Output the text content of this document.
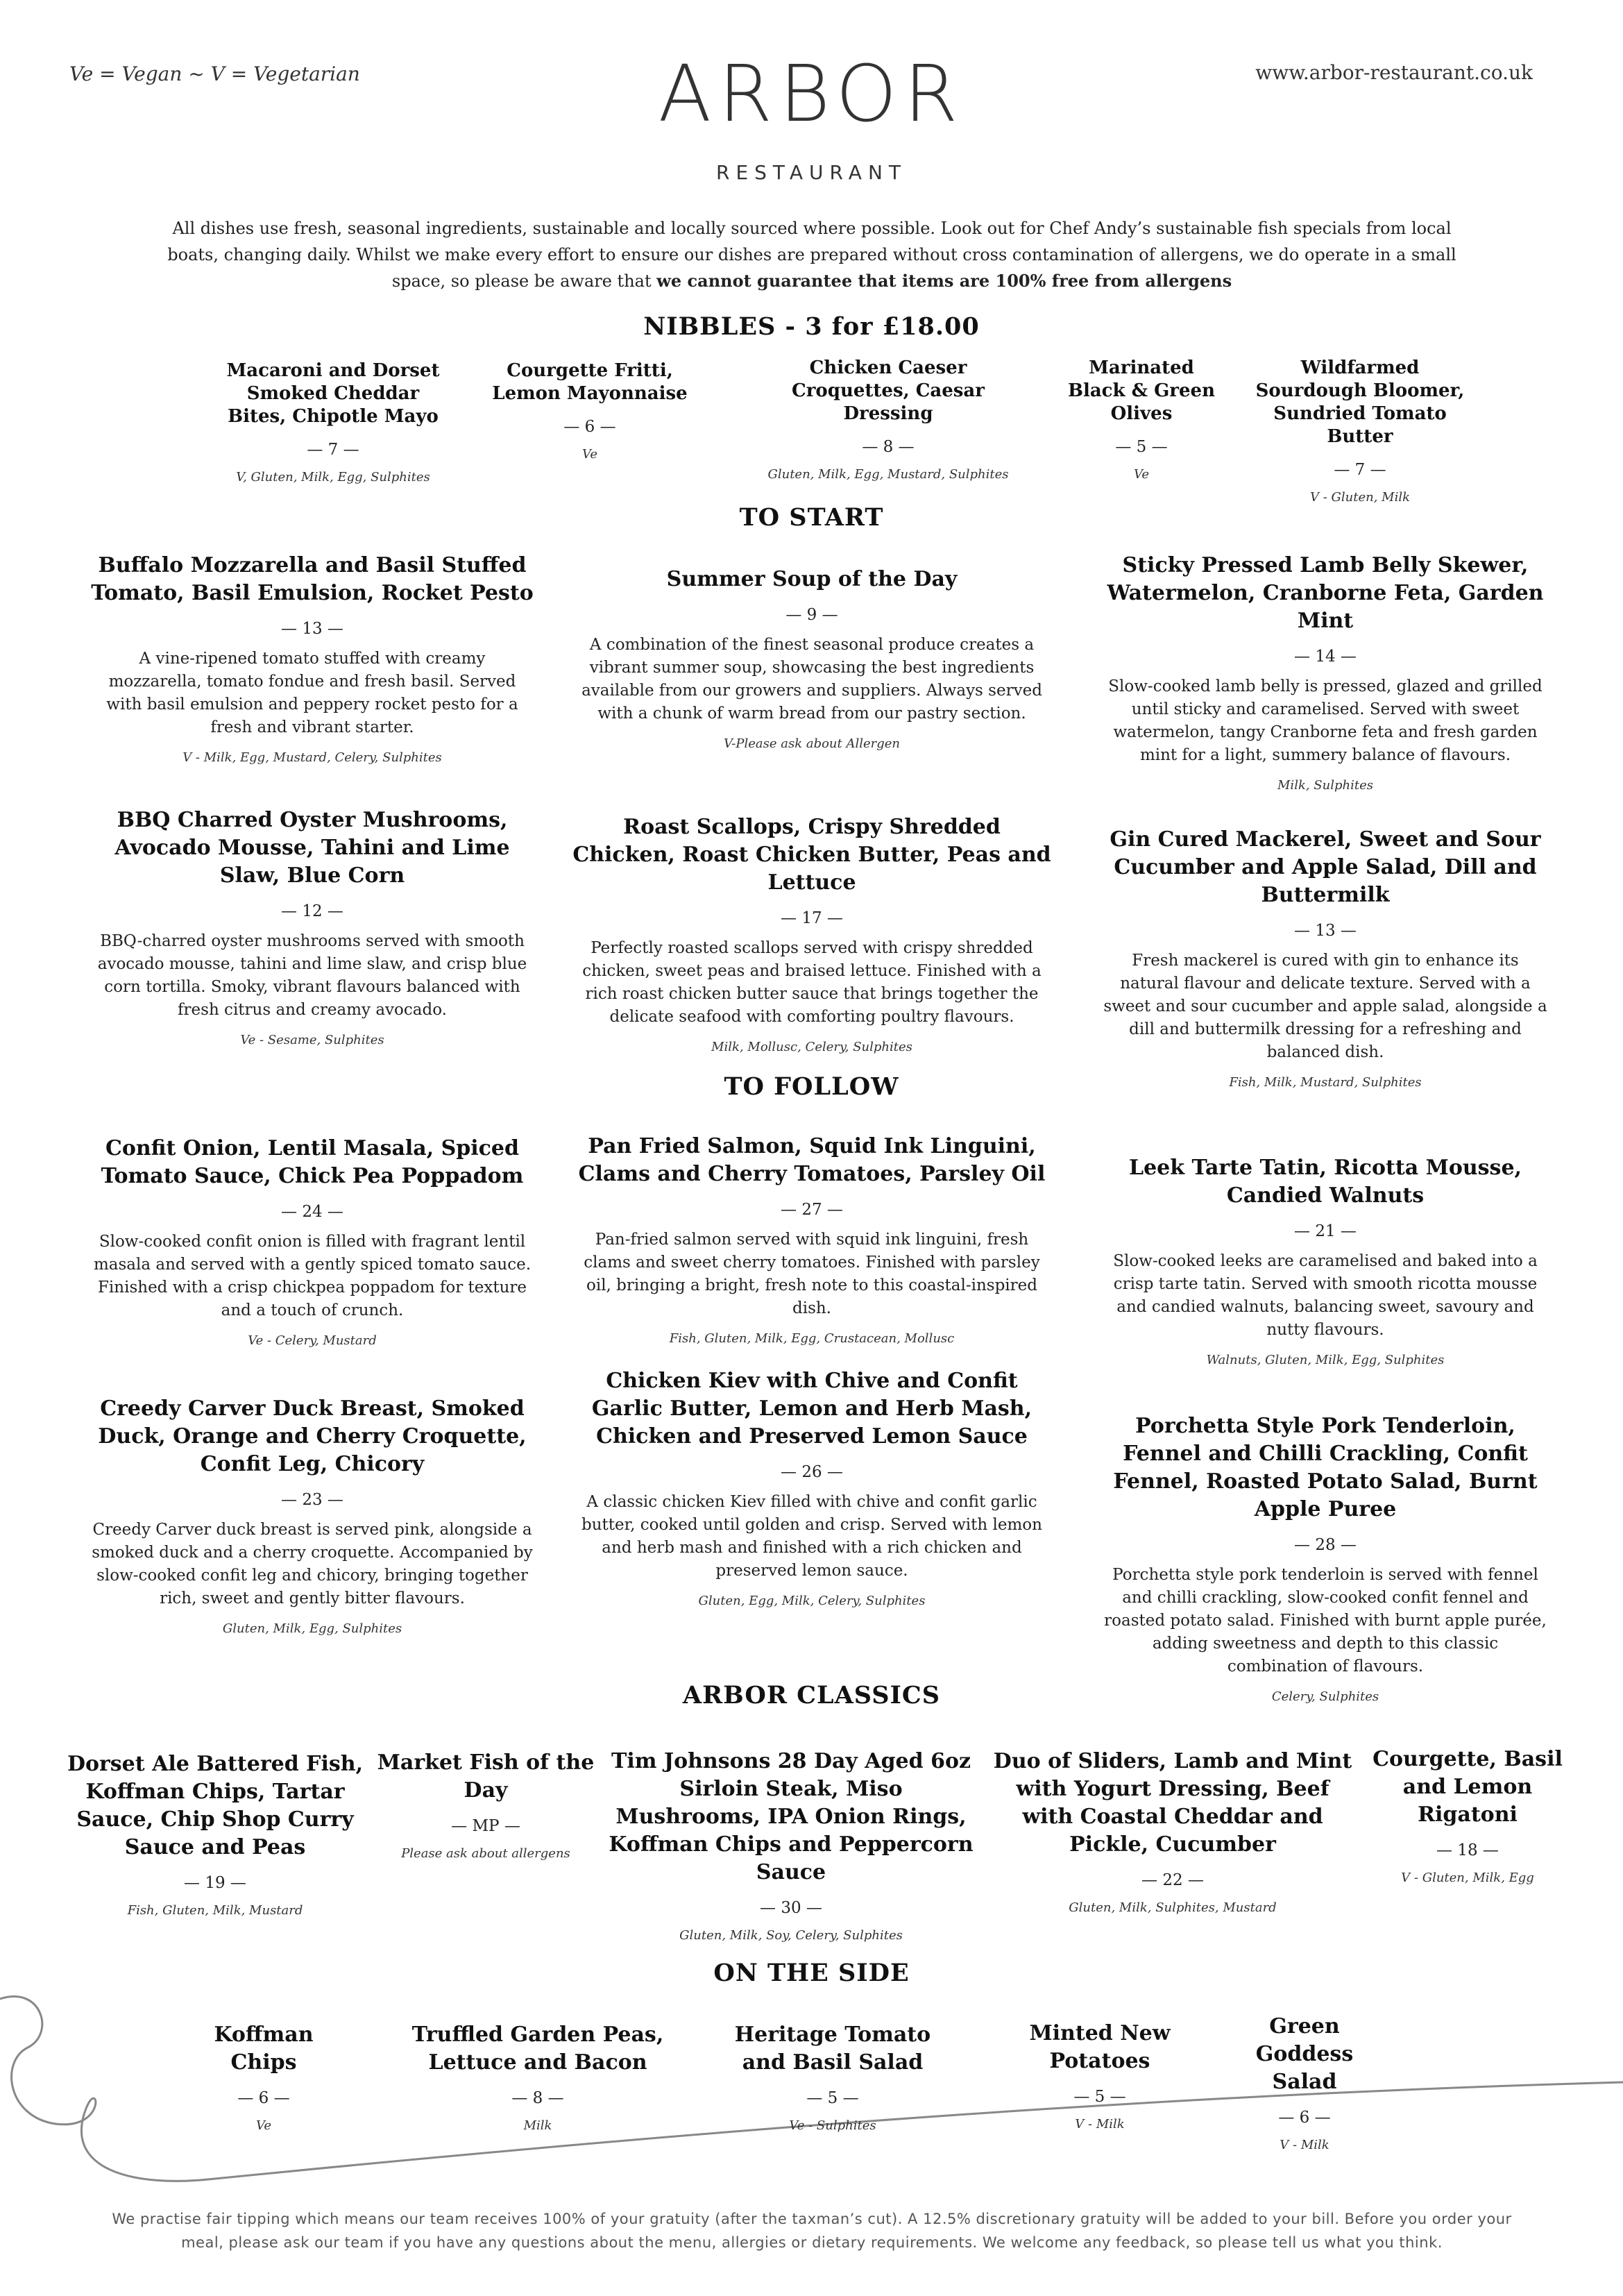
Ve = Vegan ~ V = Vegetarian	www.arbor-restaurant.co.uk
ARBOR
RESTAURANT
All dishes use fresh, seasonal ingredients, sustainable and locally sourced where possible. Look out for Chef Andy’s sustainable fish specials from local boats, changing daily. Whilst we make every effort to ensure our dishes are prepared without cross contamination of allergens, we do operate in a small space, so please be aware that we cannot guarantee that items are 100% free from allergens
NIBBLES - 3 for £18.00
Macaroni and Dorset Smoked Cheddar Bites, Chipotle Mayo
— 7 —
V, Gluten, Milk, Egg, Sulphites
Courgette Fritti, Lemon Mayonnaise
— 6 —
Ve
Chicken Caeser Croquettes, Caesar Dressing
— 8 —
Gluten, Milk, Egg, Mustard, Sulphites
Marinated Black & Green Olives
— 5 —
Ve
Wildfarmed Sourdough Bloomer, Sundried Tomato Butter
— 7 —
V - Gluten, Milk
TO START
Buffalo Mozzarella and Basil Stuffed Tomato, Basil Emulsion, Rocket Pesto
— 13 —
A vine-ripened tomato stuffed with creamy mozzarella, tomato fondue and fresh basil. Served with basil emulsion and peppery rocket pesto for a fresh and vibrant starter.
V - Milk, Egg, Mustard, Celery, Sulphites
Summer Soup of the Day
— 9 —
A combination of the finest seasonal produce creates a vibrant summer soup, showcasing the best ingredients available from our growers and suppliers. Always served with a chunk of warm bread from our pastry section.
V-Please ask about Allergen
Sticky Pressed Lamb Belly Skewer, Watermelon, Cranborne Feta, Garden Mint
— 14 —
Slow-cooked lamb belly is pressed, glazed and grilled until sticky and caramelised. Served with sweet watermelon, tangy Cranborne feta and fresh garden mint for a light, summery balance of flavours.
Milk, Sulphites
BBQ Charred Oyster Mushrooms, Avocado Mousse, Tahini and Lime Slaw, Blue Corn
— 12 —
BBQ-charred oyster mushrooms served with smooth avocado mousse, tahini and lime slaw, and crisp blue corn tortilla. Smoky, vibrant flavours balanced with fresh citrus and creamy avocado.
Ve - Sesame, Sulphites
Roast Scallops, Crispy Shredded Chicken, Roast Chicken Butter, Peas and Lettuce
— 17 —
Perfectly roasted scallops served with crispy shredded chicken, sweet peas and braised lettuce. Finished with a rich roast chicken butter sauce that brings together the delicate seafood with comforting poultry flavours.
Milk, Mollusc, Celery, Sulphites
Gin Cured Mackerel, Sweet and Sour Cucumber and Apple Salad, Dill and Buttermilk
— 13 —
Fresh mackerel is cured with gin to enhance its natural flavour and delicate texture. Served with a sweet and sour cucumber and apple salad, alongside a dill and buttermilk dressing for a refreshing and balanced dish.
Fish, Milk, Mustard, Sulphites
TO FOLLOW
Confit Onion, Lentil Masala, Spiced Tomato Sauce, Chick Pea Poppadom
— 24 —
Slow-cooked confit onion is filled with fragrant lentil masala and served with a gently spiced tomato sauce. Finished with a crisp chickpea poppadom for texture and a touch of crunch.
Ve - Celery, Mustard
Pan Fried Salmon, Squid Ink Linguini, Clams and Cherry Tomatoes, Parsley Oil
— 27 —
Pan-fried salmon served with squid ink linguini, fresh clams and sweet cherry tomatoes. Finished with parsley oil, bringing a bright, fresh note to this coastal-inspired dish.
Fish, Gluten, Milk, Egg, Crustacean, Mollusc
Leek Tarte Tatin, Ricotta Mousse, Candied Walnuts
— 21 —
Slow-cooked leeks are caramelised and baked into a crisp tarte tatin. Served with smooth ricotta mousse and candied walnuts, balancing sweet, savoury and nutty flavours.
Walnuts, Gluten, Milk, Egg, Sulphites
Creedy Carver Duck Breast, Smoked Duck, Orange and Cherry Croquette, Confit Leg, Chicory
— 23 —
Creedy Carver duck breast is served pink, alongside a smoked duck and a cherry croquette. Accompanied by slow-cooked confit leg and chicory, bringing together rich, sweet and gently bitter flavours.
Gluten, Milk, Egg, Sulphites
Chicken Kiev with Chive and Confit Garlic Butter, Lemon and Herb Mash, Chicken and Preserved Lemon Sauce
— 26 —
A classic chicken Kiev filled with chive and confit garlic butter, cooked until golden and crisp. Served with lemon and herb mash and finished with a rich chicken and preserved lemon sauce.
Gluten, Egg, Milk, Celery, Sulphites
Porchetta Style Pork Tenderloin, Fennel and Chilli Crackling, Confit Fennel, Roasted Potato Salad, Burnt Apple Puree
— 28 —
Porchetta style pork tenderloin is served with fennel and chilli crackling, slow-cooked confit fennel and roasted potato salad. Finished with burnt apple purée, adding sweetness and depth to this classic combination of flavours.
Celery, Sulphites
ARBOR CLASSICS
Dorset Ale Battered Fish, Koffman Chips, Tartar Sauce, Chip Shop Curry Sauce and Peas
— 19 —
Fish, Gluten, Milk, Mustard
Market Fish of the Day
— MP —
Please ask about allergens
Tim Johnsons 28 Day Aged 6oz Sirloin Steak, Miso Mushrooms, IPA Onion Rings, Koffman Chips and Peppercorn Sauce
— 30 —
Gluten, Milk, Soy, Celery, Sulphites
Duo of Sliders, Lamb and Mint with Yogurt Dressing, Beef with Coastal Cheddar and Pickle, Cucumber
— 22 —
Gluten, Milk, Sulphites, Mustard
Courgette, Basil and Lemon Rigatoni
— 18 —
V - Gluten, Milk, Egg
ON THE SIDE
Koffman Chips
— 6 —
Ve
Truffled Garden Peas, Lettuce and Bacon
— 8 —
Milk
Heritage Tomato and Basil Salad
— 5 —
Ve - Sulphites
Minted New Potatoes
— 5 —
V - Milk
Green Goddess Salad
— 6 —
V - Milk
We practise fair tipping which means our team receives 100% of your gratuity (after the taxman’s cut). A 12.5% discretionary gratuity will be added to your bill. Before you order your meal, please ask our team if you have any questions about the menu, allergies or dietary requirements. We welcome any feedback, so please tell us what you think.
